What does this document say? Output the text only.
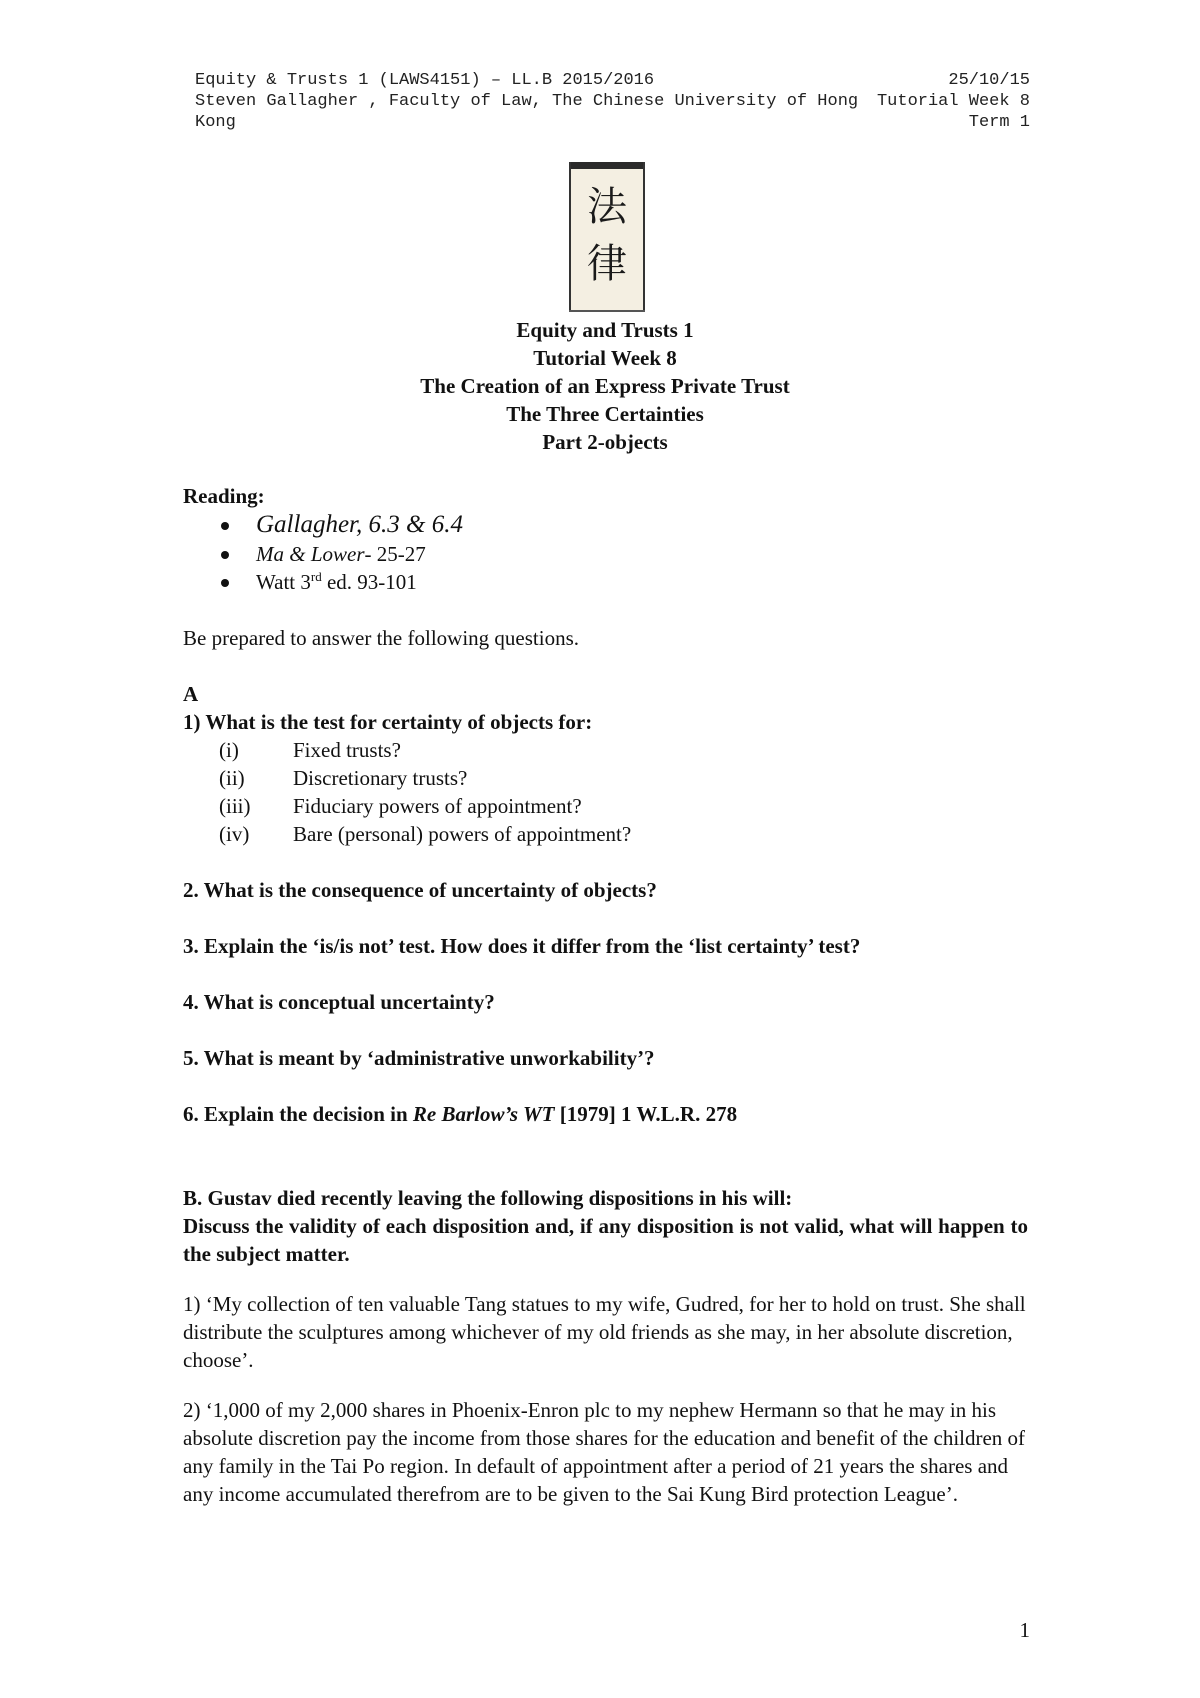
Equity & Trusts 1 (LAWS4151) – LL.B 2015/2016
Steven Gallagher , Faculty of Law, The Chinese University of Hong
Kong
25/10/15
Tutorial Week 8
Term 1
法
律
Equity and Trusts 1
Tutorial Week 8
The Creation of an Express Private Trust
The Three Certainties
Part 2-objects
Reading:
Gallagher, 6.3 & 6.4
Ma & Lower- 25-27
Watt 3rd ed. 93-101
Be prepared to answer the following questions.
A
1) What is the test for certainty of objects for:
(i)	Fixed trusts?
(ii) Discretionary trusts?
(iii) Fiduciary powers of appointment?
(iv) Bare (personal) powers of appointment?
2. What is the consequence of uncertainty of objects?
3. Explain the ‘is/is not’ test. How does it differ from the ‘list certainty’ test?
4. What is conceptual uncertainty?
5. What is meant by ‘administrative unworkability’?
6. Explain the decision in Re Barlow’s WT [1979] 1 W.L.R. 278
B. Gustav died recently leaving the following dispositions in his will:
Discuss the validity of each disposition and, if any disposition is not valid, what will happen to the subject matter.
1) ‘My collection of ten valuable Tang statues to my wife, Gudred, for her to hold on trust. She shall distribute the sculptures among whichever of my old friends as she may, in her absolute discretion, choose’.
2) ‘1,000 of my 2,000 shares in Phoenix-Enron plc to my nephew Hermann so that he may in his absolute discretion pay the income from those shares for the education and benefit of the children of any family in the Tai Po region. In default of appointment after a period of 21 years the shares and any income accumulated therefrom are to be given to the Sai Kung Bird protection League’.
1
